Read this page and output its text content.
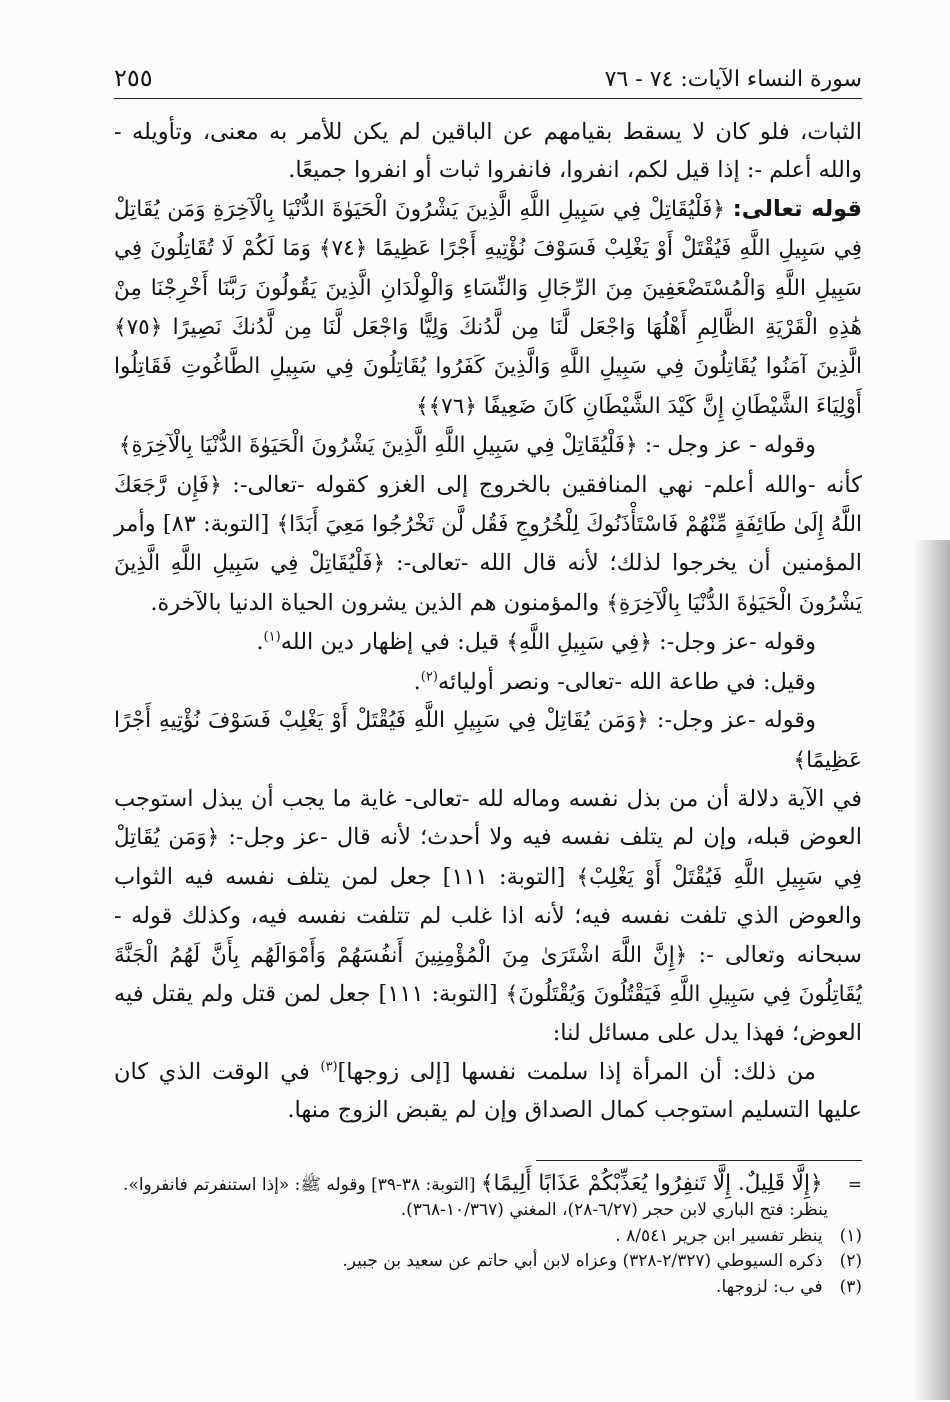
سورة النساء الآيات: ٧٤ - ٧٦
٢٥٥

الثبات، فلو كان لا يسقط بقيامهم عن الباقين لم يكن للأمر به معنى، وتأويله - والله أعلم -: إذا قيل لكم، انفروا، فانفروا ثبات أو انفروا جميعًا.

قوله تعالى: ﴿فَلْيُقَاتِلْ فِي سَبِيلِ اللَّهِ الَّذِينَ يَشْرُونَ الْحَيَوٰةَ الدُّنْيَا بِالْآخِرَةِ وَمَن يُقَاتِلْ فِي سَبِيلِ اللَّهِ فَيُقْتَلْ أَوْ يَغْلِبْ فَسَوْفَ نُؤْتِيهِ أَجْرًا عَظِيمًا ﴿٧٤﴾ وَمَا لَكُمْ لَا تُقَاتِلُونَ فِي سَبِيلِ اللَّهِ وَالْمُسْتَضْعَفِينَ مِنَ الرِّجَالِ وَالنِّسَاءِ وَالْوِلْدَانِ الَّذِينَ يَقُولُونَ رَبَّنَا أَخْرِجْنَا مِنْ هَٰذِهِ الْقَرْيَةِ الظَّالِمِ أَهْلُهَا وَاجْعَل لَّنَا مِن لَّدُنكَ وَلِيًّا وَاجْعَل لَّنَا مِن لَّدُنكَ نَصِيرًا ﴿٧٥﴾ الَّذِينَ آمَنُوا يُقَاتِلُونَ فِي سَبِيلِ اللَّهِ وَالَّذِينَ كَفَرُوا يُقَاتِلُونَ فِي سَبِيلِ الطَّاغُوتِ فَقَاتِلُوا أَوْلِيَاءَ الشَّيْطَانِ إِنَّ كَيْدَ الشَّيْطَانِ كَانَ ضَعِيفًا ﴿٧٦﴾﴾

وقوله - عز وجل -: ﴿فَلْيُقَاتِلْ فِي سَبِيلِ اللَّهِ الَّذِينَ يَشْرُونَ الْحَيَوٰةَ الدُّنْيَا بِالْآخِرَةِ﴾

كأنه -والله أعلم- نهي المنافقين بالخروج إلى الغزو كقوله -تعالى-: ﴿فَإِن رَّجَعَكَ اللَّهُ إِلَىٰ طَائِفَةٍ مِّنْهُمْ فَاسْتَأْذَنُوكَ لِلْخُرُوجِ فَقُل لَّن تَخْرُجُوا مَعِيَ أَبَدًا﴾ [التوبة: ٨٣] وأمر المؤمنين أن يخرجوا لذلك؛ لأنه قال الله -تعالى-: ﴿فَلْيُقَاتِلْ فِي سَبِيلِ اللَّهِ الَّذِينَ يَشْرُونَ الْحَيَوٰةَ الدُّنْيَا بِالْآخِرَةِ﴾ والمؤمنون هم الذين يشرون الحياة الدنيا بالآخرة.

وقوله -عز وجل-: ﴿فِي سَبِيلِ اللَّهِ﴾ قيل: في إظهار دين الله$^{(١)}$.

وقيل: في طاعة الله -تعالى- ونصر أوليائه$^{(٢)}$.

وقوله -عز وجل-: ﴿وَمَن يُقَاتِلْ فِي سَبِيلِ اللَّهِ فَيُقْتَلْ أَوْ يَغْلِبْ فَسَوْفَ نُؤْتِيهِ أَجْرًا عَظِيمًا﴾

في الآية دلالة أن من بذل نفسه وماله لله -تعالى- غاية ما يجب أن يبذل استوجب العوض قبله، وإن لم يتلف نفسه فيه ولا أحدث؛ لأنه قال -عز وجل-: ﴿وَمَن يُقَاتِلْ فِي سَبِيلِ اللَّهِ فَيُقْتَلْ أَوْ يَغْلِبْ﴾ [التوبة: ١١١] جعل لمن يتلف نفسه فيه الثواب والعوض الذي تلفت نفسه فيه؛ لأنه اذا غلب لم تتلفت نفسه فيه، وكذلك قوله - سبحانه وتعالى -: ﴿إِنَّ اللَّهَ اشْتَرَىٰ مِنَ الْمُؤْمِنِينَ أَنفُسَهُمْ وَأَمْوَالَهُم بِأَنَّ لَهُمُ الْجَنَّةَ يُقَاتِلُونَ فِي سَبِيلِ اللَّهِ فَيَقْتُلُونَ وَيُقْتَلُونَ﴾ [التوبة: ١١١] جعل لمن قتل ولم يقتل فيه العوض؛ فهذا يدل على مسائل لنا:

من ذلك: أن المرأة إذا سلمت نفسها [إلى زوجها]$^{(٣)}$ في الوقت الذي كان عليها التسليم استوجب كمال الصداق وإن لم يقبض الزوج منها.

= ﴿إِلَّا قَلِيلٌ. إِلَّا تَنفِرُوا يُعَذِّبْكُمْ عَذَابًا أَلِيمًا﴾ [التوبة: ٣٨-٣٩] وقوله ﷺ: «إذا استنفرتم فانفروا».

ينظر: فتح الباري لابن حجر (٦/٢٧-٢٨)، المغني (١٠/٣٦٧-٣٦٨).

(١) ينظر تفسير ابن جرير ٨/٥٤١ .

(٢) ذكره السيوطي (٢/٣٢٧-٣٢٨) وعزاه لابن أبي حاتم عن سعيد بن جبير.

(٣) في ب: لزوجها.
